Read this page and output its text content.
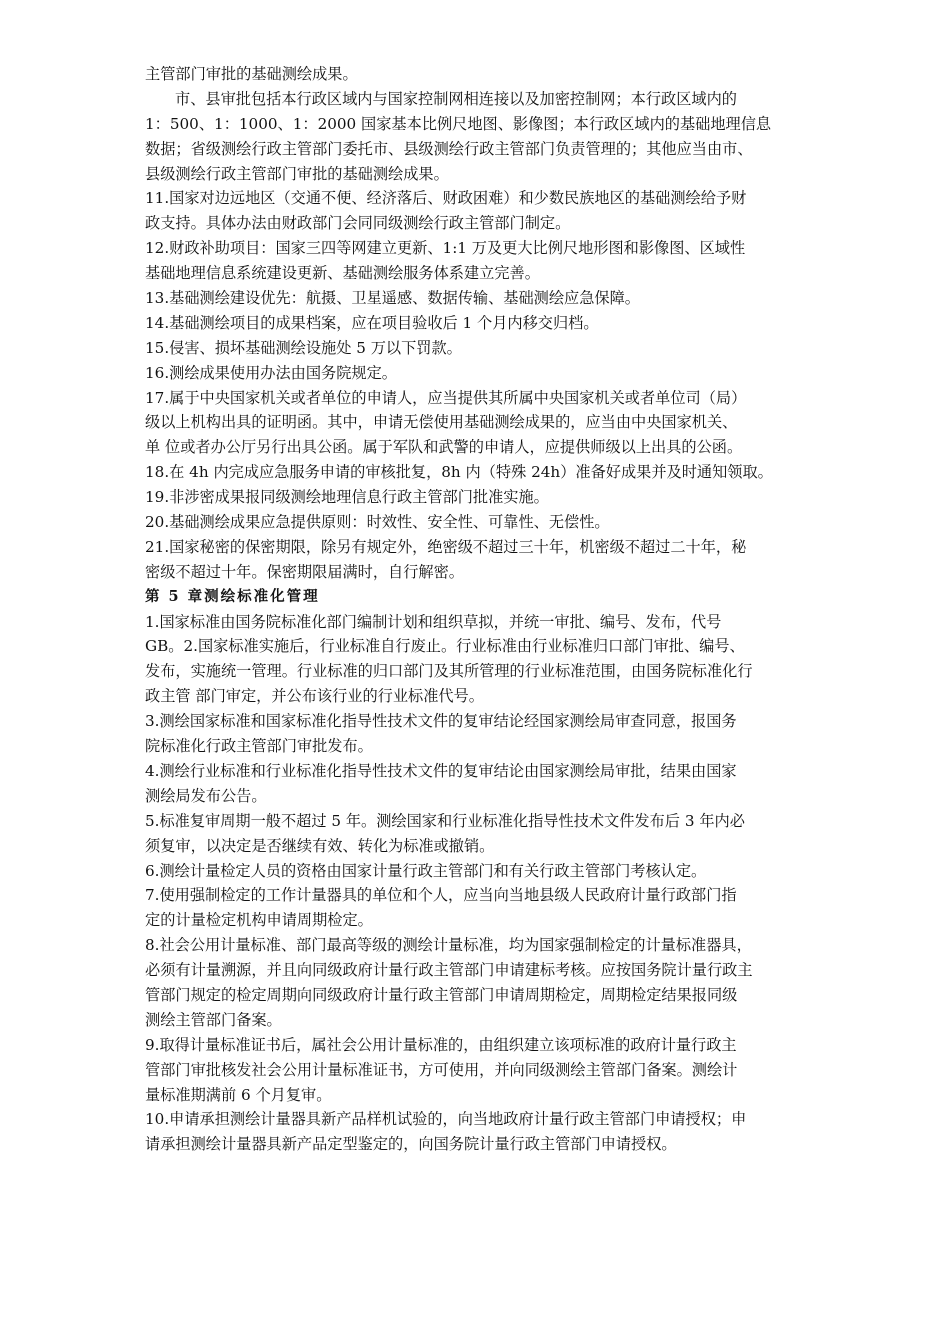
主管部门审批的基础测绘成果。
市、县审批包括本行政区域内与国家控制网相连接以及加密控制网；本行政区域内的
1：500、1：1000、1：2000 国家基本比例尺地图、影像图；本行政区域内的基础地理信息
数据；省级测绘行政主管部门委托市、县级测绘行政主管部门负责管理的；其他应当由市、
县级测绘行政主管部门审批的基础测绘成果。
11.国家对边远地区（交通不便、经济落后、财政困难）和少数民族地区的基础测绘给予财
政支持。具体办法由财政部门会同同级测绘行政主管部门制定。
12.财政补助项目：国家三四等网建立更新、1:1 万及更大比例尺地形图和影像图、区域性
基础地理信息系统建设更新、基础测绘服务体系建立完善。
13.基础测绘建设优先：航摄、卫星遥感、数据传输、基础测绘应急保障。
14.基础测绘项目的成果档案，应在项目验收后 1 个月内移交归档。
15.侵害、损坏基础测绘设施处 5 万以下罚款。
16.测绘成果使用办法由国务院规定。
17.属于中央国家机关或者单位的申请人，应当提供其所属中央国家机关或者单位司（局）
级以上机构出具的证明函。其中，申请无偿使用基础测绘成果的，应当由中央国家机关、
单 位或者办公厅另行出具公函。属于军队和武警的申请人，应提供师级以上出具的公函。
18.在 4h 内完成应急服务申请的审核批复，8h 内（特殊 24h）准备好成果并及时通知领取。
19.非涉密成果报同级测绘地理信息行政主管部门批准实施。
20.基础测绘成果应急提供原则：时效性、安全性、可靠性、无偿性。
21.国家秘密的保密期限，除另有规定外，绝密级不超过三十年，机密级不超过二十年，秘
密级不超过十年。保密期限届满时，自行解密。
第 5 章测绘标准化管理
1.国家标准由国务院标准化部门编制计划和组织草拟，并统一审批、编号、发布，代号
GB。2.国家标准实施后，行业标准自行废止。行业标准由行业标准归口部门审批、编号、
发布，实施统一管理。行业标准的归口部门及其所管理的行业标准范围，由国务院标准化行
政主管 部门审定，并公布该行业的行业标准代号。
3.测绘国家标准和国家标准化指导性技术文件的复审结论经国家测绘局审查同意，报国务
院标准化行政主管部门审批发布。
4.测绘行业标准和行业标准化指导性技术文件的复审结论由国家测绘局审批，结果由国家
测绘局发布公告。
5.标准复审周期一般不超过 5 年。测绘国家和行业标准化指导性技术文件发布后 3 年内必
须复审，以决定是否继续有效、转化为标准或撤销。
6.测绘计量检定人员的资格由国家计量行政主管部门和有关行政主管部门考核认定。
7.使用强制检定的工作计量器具的单位和个人，应当向当地县级人民政府计量行政部门指
定的计量检定机构申请周期检定。
8.社会公用计量标准、部门最高等级的测绘计量标准，均为国家强制检定的计量标准器具，
必须有计量溯源，并且向同级政府计量行政主管部门申请建标考核。应按国务院计量行政主
管部门规定的检定周期向同级政府计量行政主管部门申请周期检定，周期检定结果报同级
测绘主管部门备案。
9.取得计量标准证书后，属社会公用计量标准的，由组织建立该项标准的政府计量行政主
管部门审批核发社会公用计量标准证书，方可使用，并向同级测绘主管部门备案。测绘计
量标准期满前 6 个月复审。
10.申请承担测绘计量器具新产品样机试验的，向当地政府计量行政主管部门申请授权；申
请承担测绘计量器具新产品定型鉴定的，向国务院计量行政主管部门申请授权。
